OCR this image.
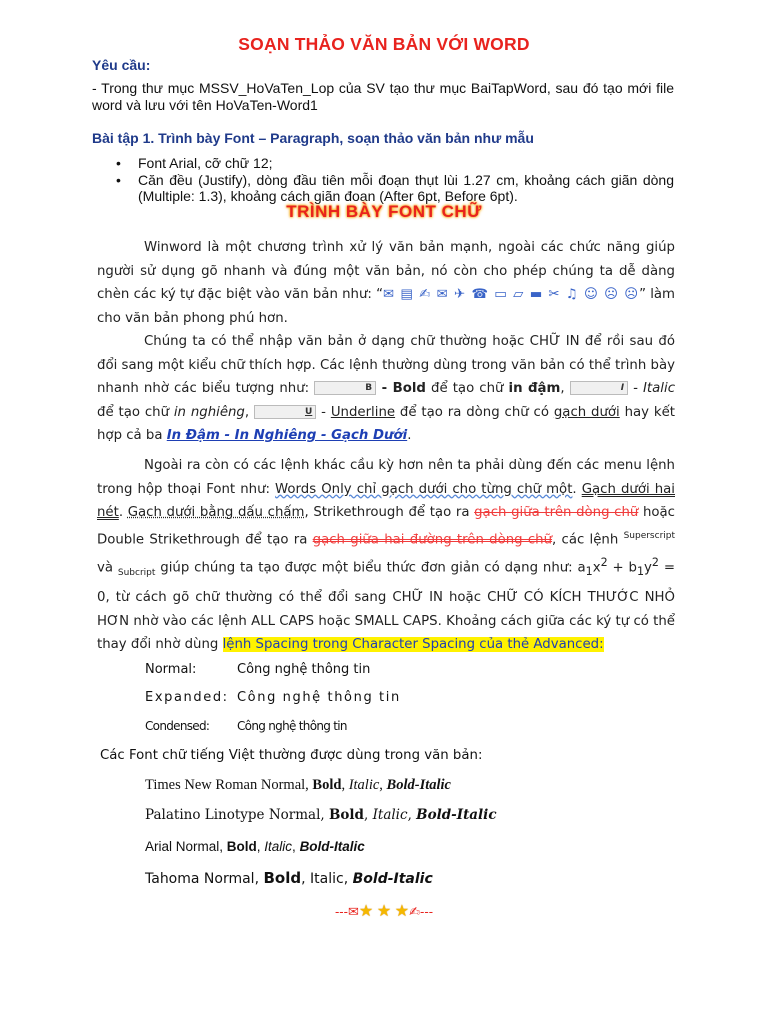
SOẠN THẢO VĂN BẢN VỚI WORD
Yêu cầu:
- Trong thư mục MSSV_HoVaTen_Lop của SV tạo thư mục BaiTapWord, sau đó tạo mới file word và lưu với tên HoVaTen-Word1
Bài tập 1. Trình bày Font – Paragraph, soạn thảo văn bản như mẫu
• Font Arial, cỡ chữ 12;
• Căn đều (Justify), dòng đầu tiên mỗi đoạn thụt lùi 1.27 cm, khoảng cách giãn dòng (Multiple: 1.3), khoảng cách giãn đoạn (After 6pt, Before 6pt).
TRÌNH BÀY FONT CHỮ
Winword là một chương trình xử lý văn bản mạnh, ngoài các chức năng giúp người sử dụng gõ nhanh và đúng một văn bản, nó còn cho phép chúng ta dễ dàng chèn các ký tự đặc biệt vào văn bản như: “✉ ▤ ✍ ✉ ✈ ☎ ▭ ▱ ▬ ✂ ♫ ☺ ☹ ☹” làm cho văn bản phong phú hơn.
Chúng ta có thể nhập văn bản ở dạng chữ thường hoặc CHỮ IN để rồi sau đó đổi sang một kiểu chữ thích hợp. Các lệnh thường dùng trong văn bản có thể trình bày nhanh nhờ các biểu tượng như:	B - Bold để tạo chữ in đậm,	I - Italic để tạo chữ in nghiêng,	U - Underline để tạo ra dòng chữ có gạch dưới hay kết hợp cả ba In Đậm - In Nghiêng - Gạch Dưới.
Ngoài ra còn có các lệnh khác cầu kỳ hơn nên ta phải dùng đến các menu lệnh trong hộp thoại Font như: Words Only chỉ gạch dưới cho từng chữ một. Gạch dưới hai nét. Gạch dưới bằng dấu chấm, Strikethrough để tạo ra gạch giữa trên dòng chữ hoặc Double Strikethrough để tạo ra gạch giữa hai đường trên dòng chữ, các lệnh $^{Superscript}$ và $_{Subcript}$ giúp chúng ta tạo được một biểu thức đơn giản có dạng như: $a_1x^2 + b_1y^2 = 0$, từ cách gõ chữ thường có thể đổi sang CHỮ IN hoặc CHỮ CÓ KÍCH THƯỚC NHỎ HƠN nhờ vào các lệnh ALL CAPS hoặc SMALL CAPS. Khoảng cách giữa các ký tự có thể thay đổi nhờ dùng lệnh Spacing trong Character Spacing của thẻ Advanced:
Normal:	Công nghệ thông tin
Expanded: Công nghệ thông tin
Condensed: Công nghệ thông tin
Các Font chữ tiếng Việt thường được dùng trong văn bản:
Times New Roman Normal, Bold, Italic, Bold-Italic
Palatino Linotype Normal, Bold, Italic, Bold-Italic
Arial Normal, Bold, Italic, Bold-Italic
Tahoma Normal, Bold, Italic, Bold-Italic
---✉★ ★ ★✍---
